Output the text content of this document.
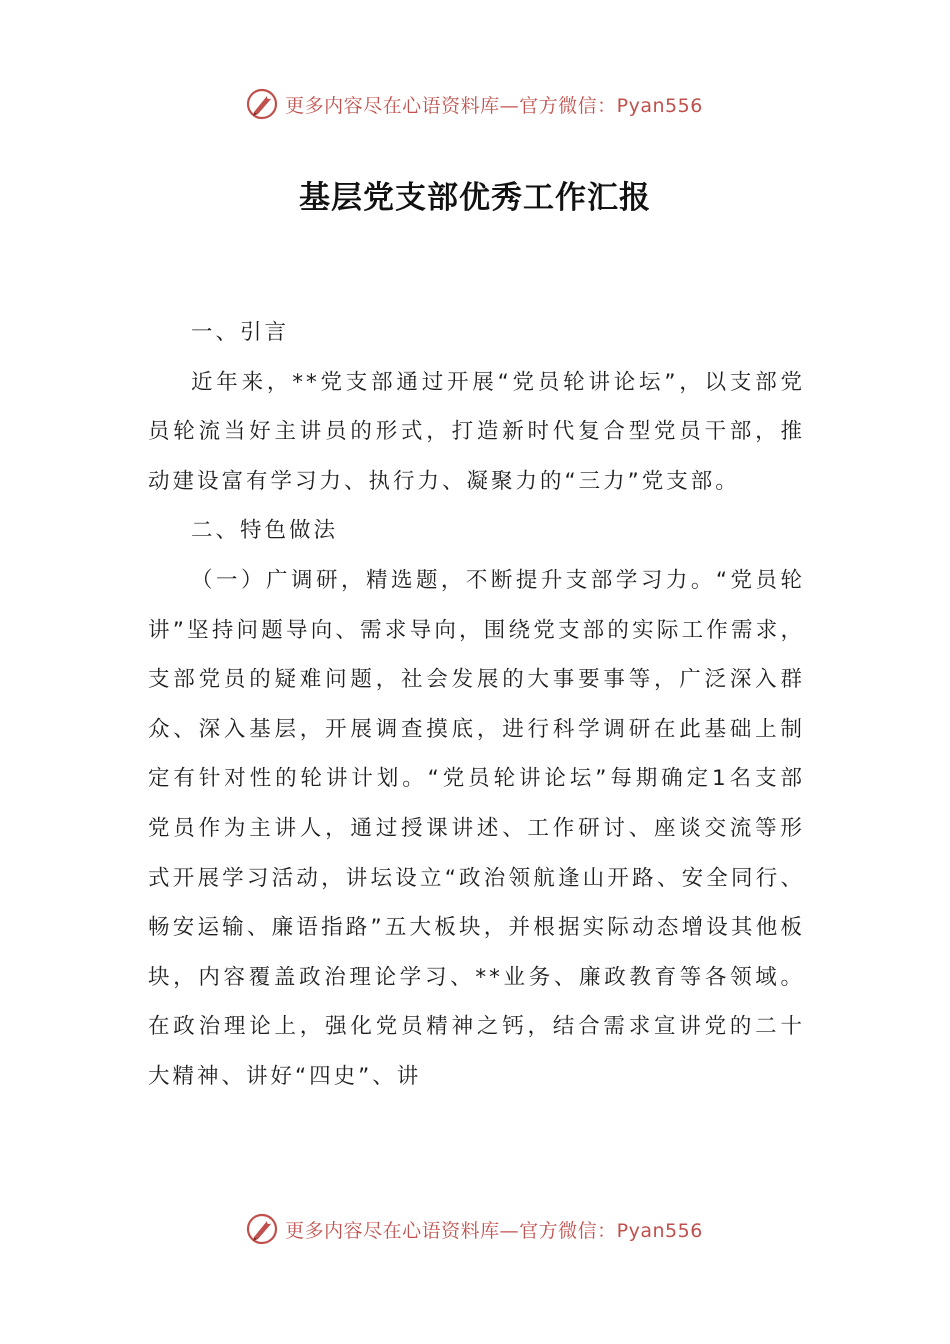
更多内容尽在心语资料库—官方微信：Pyan556
基层党支部优秀工作汇报

一、引言

近年来，**党支部通过开展“党员轮讲论坛”，以支部党员轮流当好主讲员的形式，打造新时代复合型党员干部，推动建设富有学习力、执行力、凝聚力的“三力”党支部。

二、特色做法

（一）广调研，精选题，不断提升支部学习力。“党员轮讲”坚持问题导向、需求导向，围绕党支部的实际工作需求，支部党员的疑难问题，社会发展的大事要事等，广泛深入群众、深入基层，开展调查摸底，进行科学调研在此基础上制定有针对性的轮讲计划。“党员轮讲论坛”每期确定1名支部党员作为主讲人，通过授课讲述、工作研讨、座谈交流等形式开展学习活动，讲坛设立“政治领航逢山开路、安全同行、畅安运输、廉语指路”五大板块，并根据实际动态增设其他板块，内容覆盖政治理论学习、**业务、廉政教育等各领域。在政治理论上，强化党员精神之钙，结合需求宣讲党的二十大精神、讲好“四史”、讲

更多内容尽在心语资料库—官方微信：Pyan556
